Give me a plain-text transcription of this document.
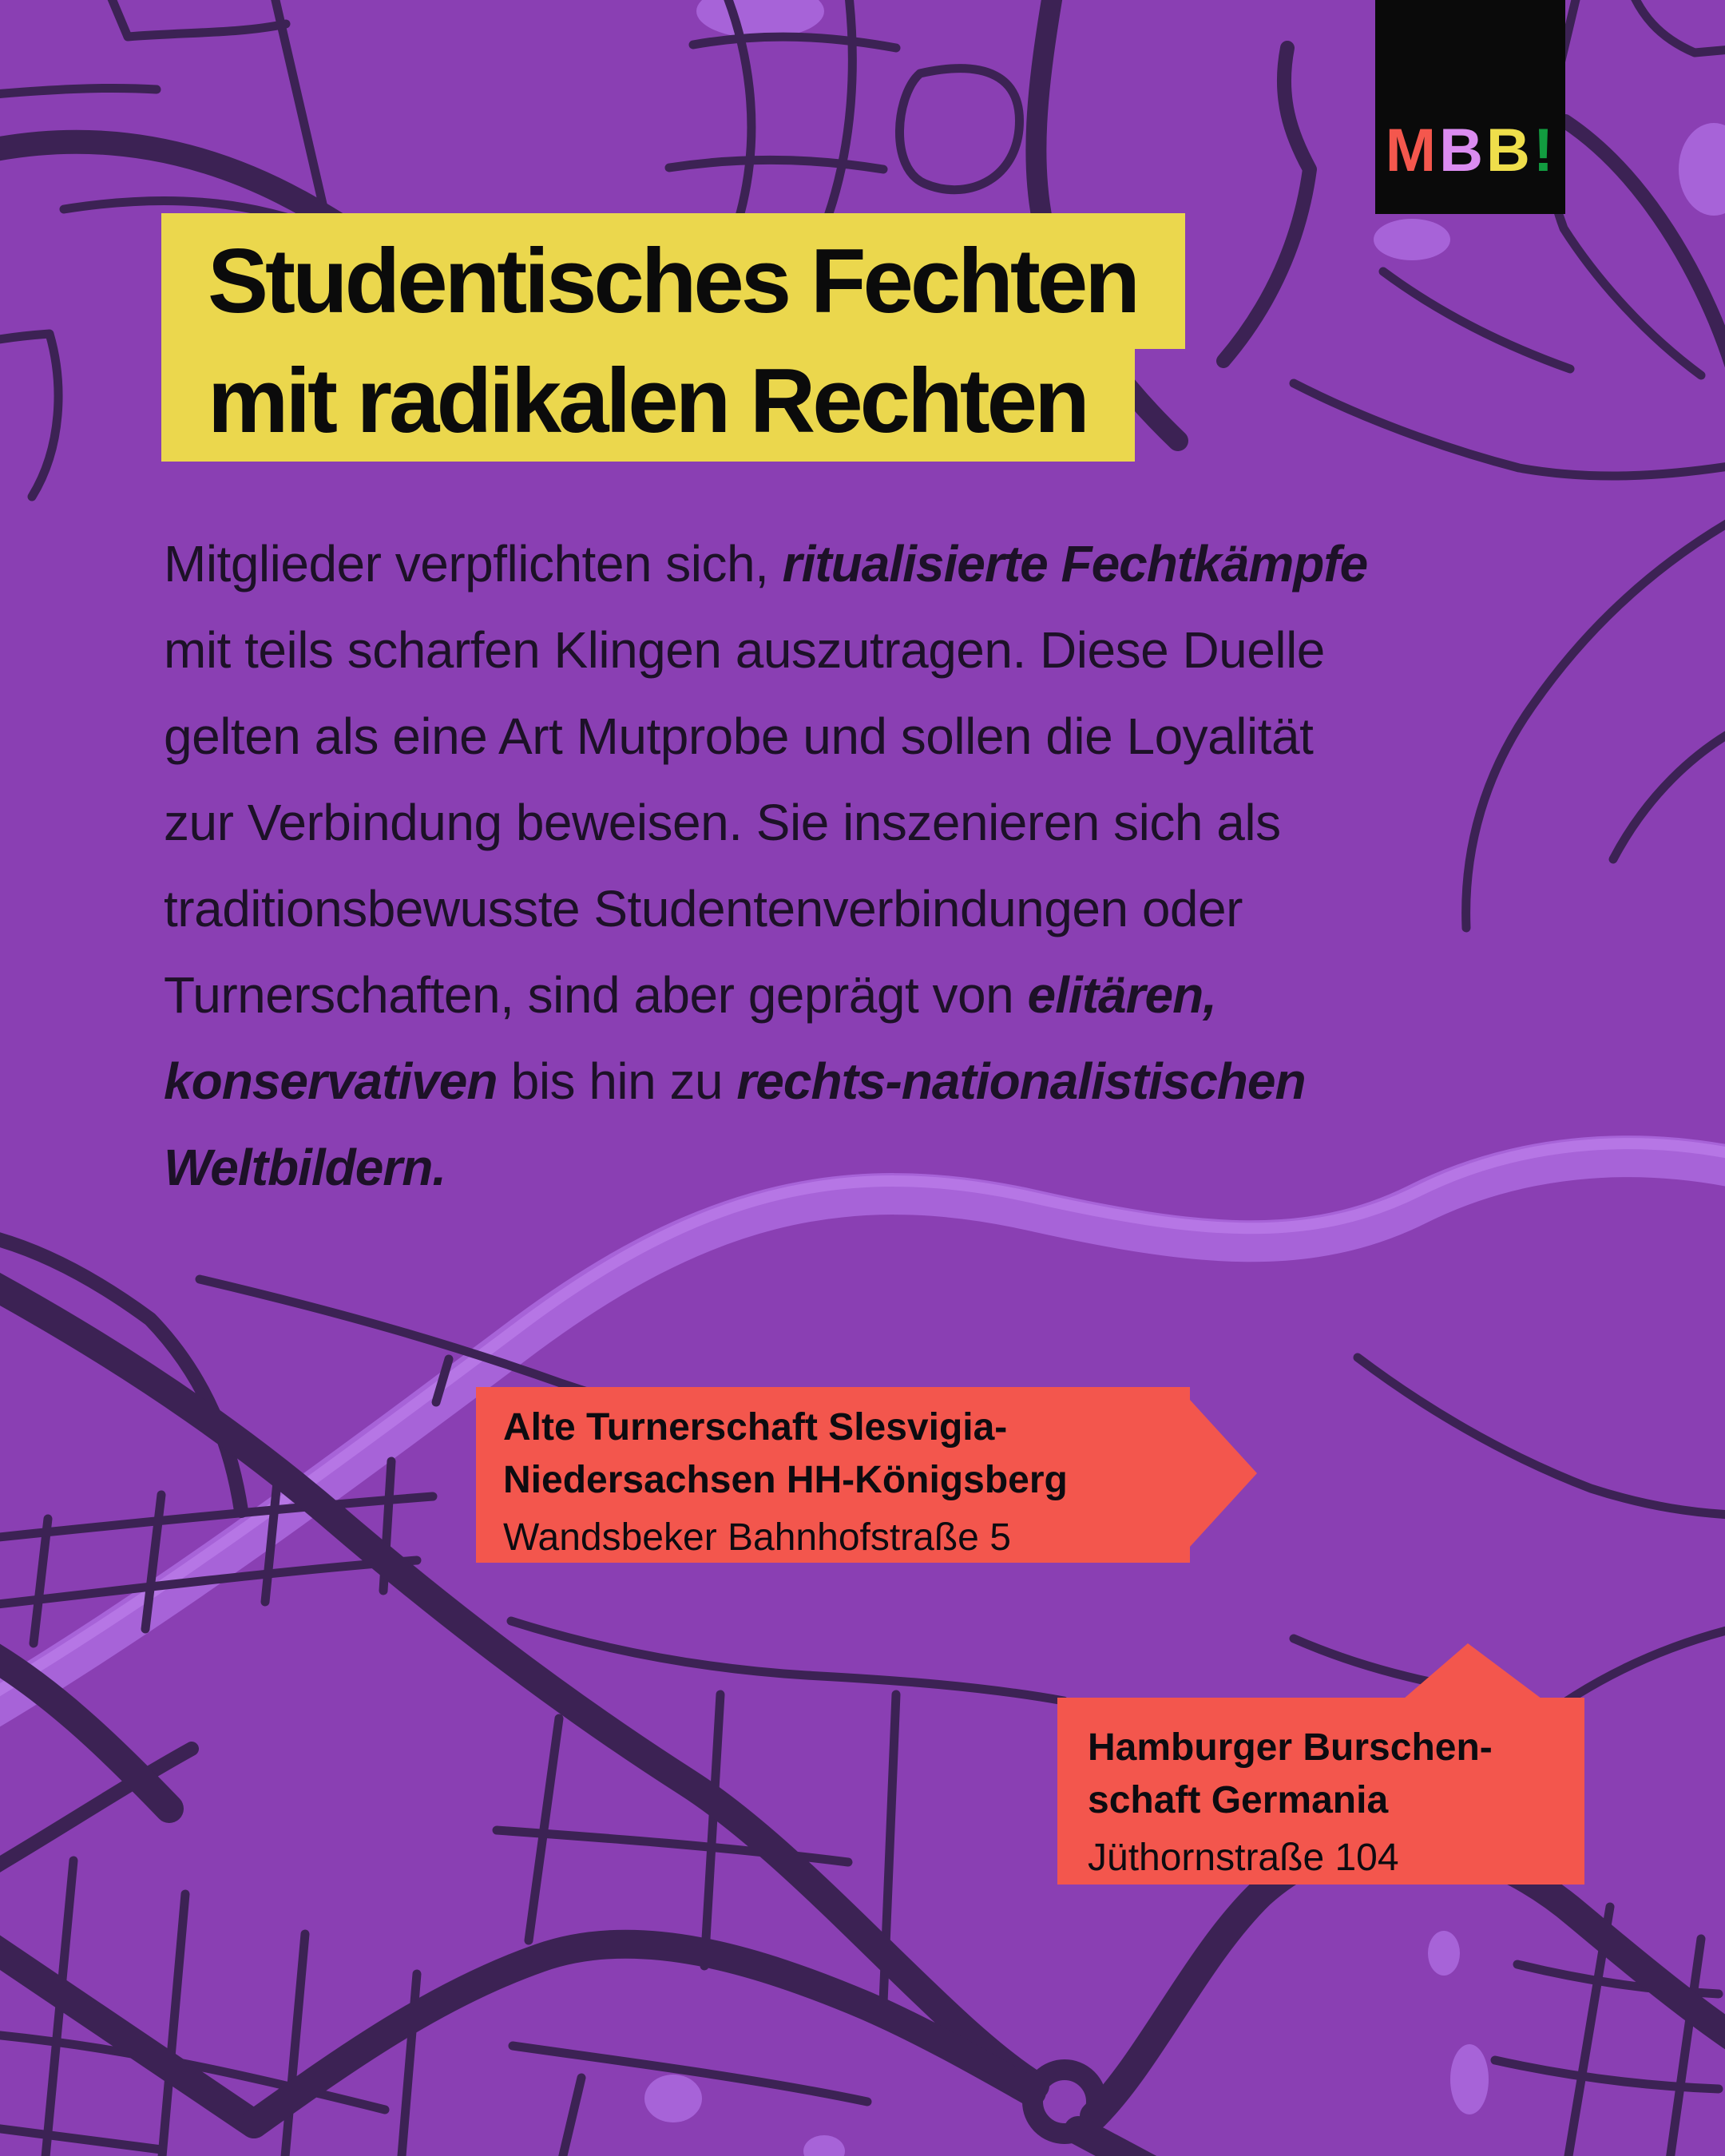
M B B !
Studentisches Fechten
mit radikalen Rechten
Mitglieder verpflichten sich, ritualisierte Fechtkämpfe
mit teils scharfen Klingen auszutragen. Diese Duelle
gelten als eine Art Mutprobe und sollen die Loyalität
zur Verbindung beweisen. Sie inszenieren sich als
traditionsbewusste Studentenverbindungen oder
Turnerschaften, sind aber geprägt von elitären,
konservativen bis hin zu rechts-nationalistischen
Weltbildern.
Alte Turnerschaft Slesvigia-
Niedersachsen HH-Königsberg
Wandsbeker Bahnhofstraße 5
Hamburger Burschen-
schaft Germania
Jüthornstraße 104
